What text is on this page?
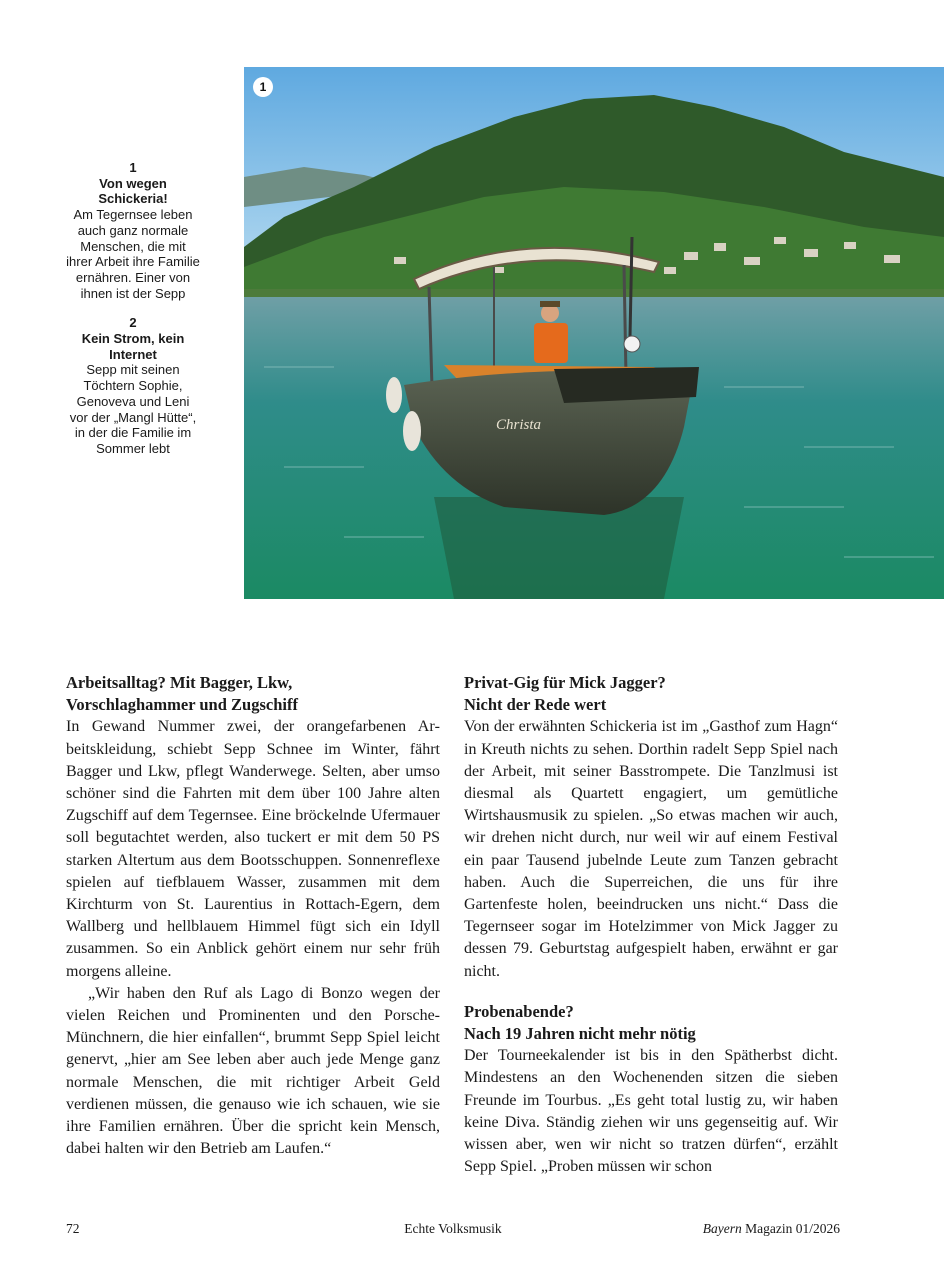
1
Von wegen Schickeria!
Am Tegernsee leben auch ganz normale Menschen, die mit ihrer Arbeit ihre Familie ernähren. Einer von ihnen ist der Sepp
2
Kein Strom, kein Internet
Sepp mit seinen Töchtern Sophie, Genoveva und Leni vor der „Mangl Hütte“, in der die Familie im Sommer lebt
Christa
1
Arbeitsalltag? Mit Bagger, Lkw,
Vorschlaghammer und Zugschiff

In Gewand Nummer zwei, der orangefarbenen Arbeitskleidung, schiebt Sepp Schnee im Winter, fährt Bagger und Lkw, pflegt Wanderwege. Selten, aber umso schöner sind die Fahrten mit dem über 100 Jahre alten Zugschiff auf dem Tegernsee. Eine bröckelnde Ufermauer soll begutachtet werden, also tuckert er mit dem 50 PS starken Altertum aus dem Bootsschuppen. Sonnenreflexe spielen auf tiefblauem Wasser, zusammen mit dem Kirchturm von St. Laurentius in Rottach-Egern, dem Wallberg und hellblauem Himmel fügt sich ein Idyll zusammen. So ein Anblick gehört einem nur sehr früh morgens alleine.

„Wir haben den Ruf als Lago di Bonzo wegen der vielen Reichen und Prominenten und den Porsche-Münchnern, die hier einfallen“, brummt Sepp Spiel leicht genervt, „hier am See leben aber auch jede Menge ganz normale Menschen, die mit richtiger Arbeit Geld verdienen müssen, die genauso wie ich schauen, wie sie ihre Familien ernähren. Über die spricht kein Mensch, dabei halten wir den Betrieb am Laufen.“

Privat-Gig für Mick Jagger?
Nicht der Rede wert

Von der erwähnten Schickeria ist im „Gasthof zum Hagn“ in Kreuth nichts zu sehen. Dorthin radelt Sepp Spiel nach der Arbeit, mit seiner Basstrompete. Die Tanzlmusi ist diesmal als Quartett engagiert, um gemütliche Wirtshausmusik zu spielen. „So etwas machen wir auch, wir drehen nicht durch, nur weil wir auf einem Festival ein paar Tausend jubelnde Leute zum Tanzen gebracht haben. Auch die Superreichen, die uns für ihre Gartenfeste holen, beeindrucken uns nicht.“ Dass die Tegernseer sogar im Hotelzimmer von Mick Jagger zu dessen 79. Geburtstag aufgespielt haben, erwähnt er gar nicht.

Probenabende?
Nach 19 Jahren nicht mehr nötig

Der Tourneekalender ist bis in den Spätherbst dicht. Mindestens an den Wochenenden sitzen die sieben Freunde im Tourbus. „Es geht total lustig zu, wir haben keine Diva. Ständig ziehen wir uns gegenseitig auf. Wir wissen aber, wen wir nicht so tratzen dürfen“, erzählt Sepp Spiel. „Proben müssen wir schon

72	Echte Volksmusik	Bayern Magazin 01/2026
